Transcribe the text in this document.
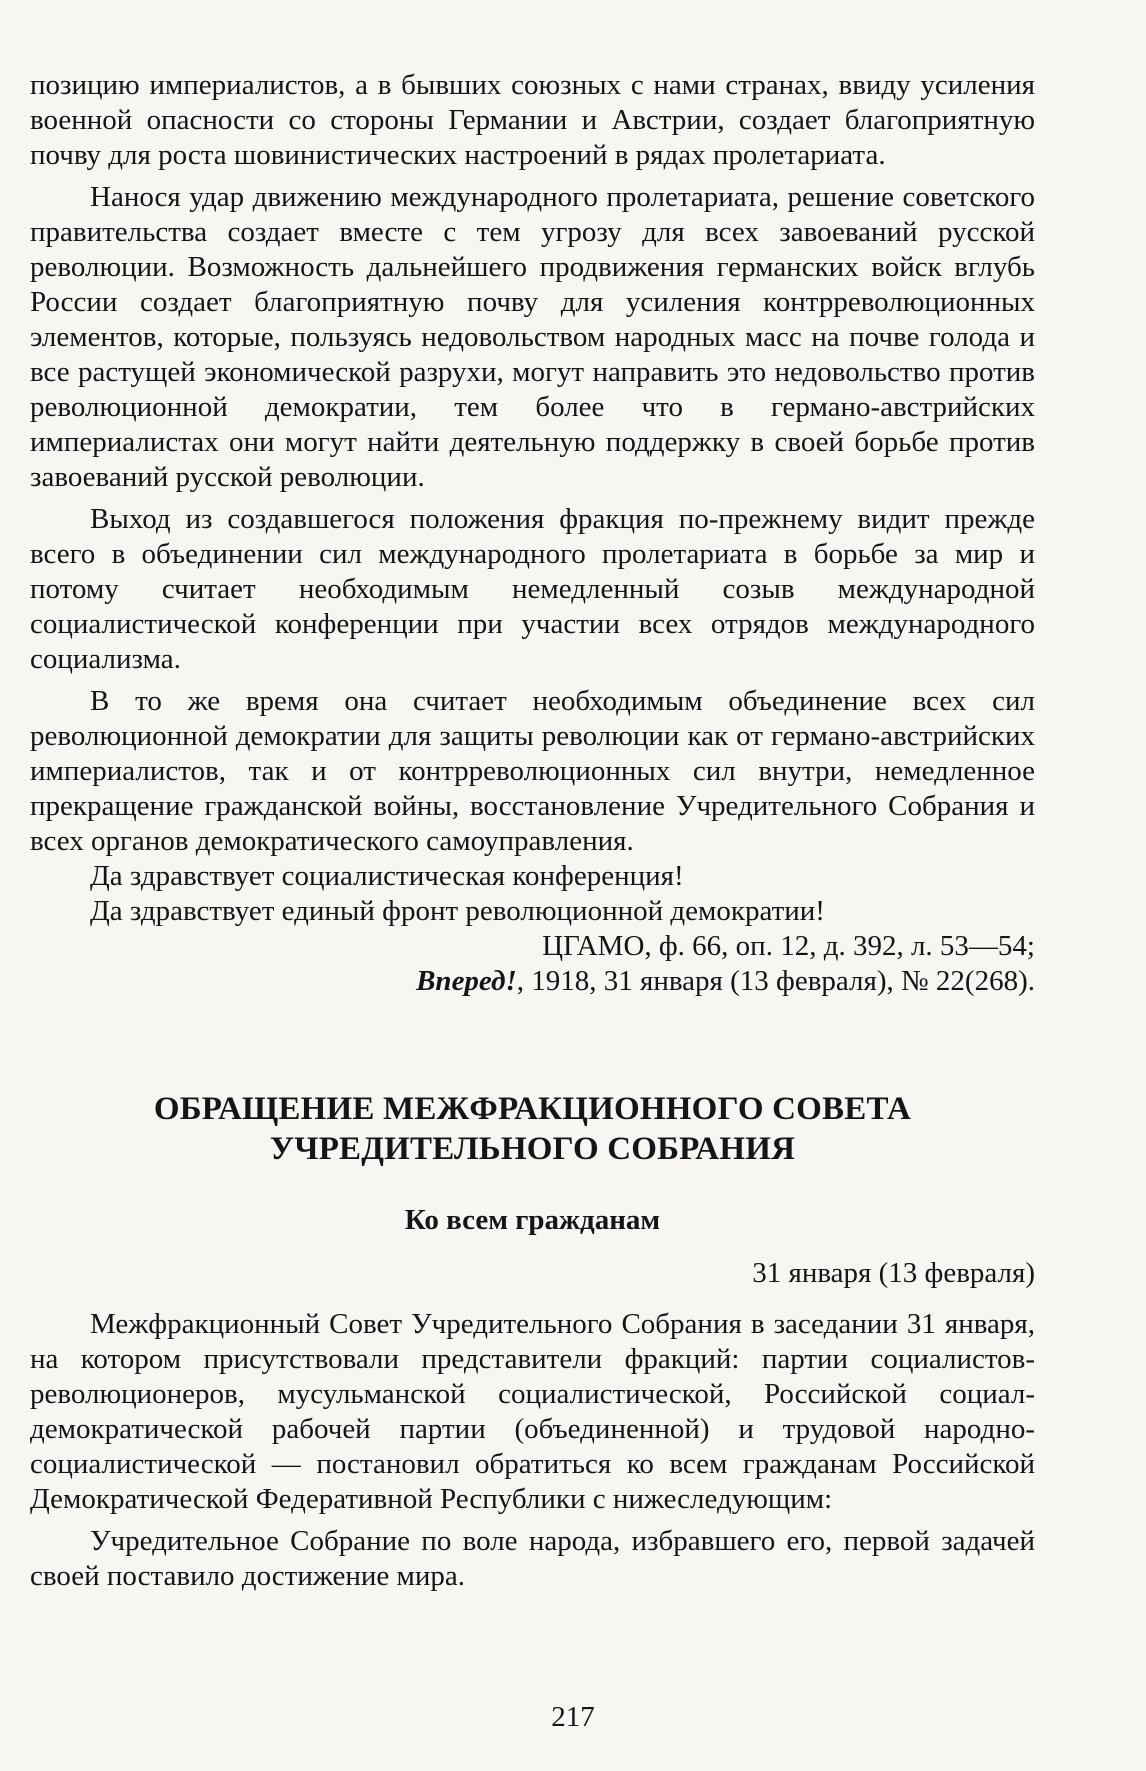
позицию империалистов, а в бывших союзных с нами странах, ввиду усиления военной опасности со стороны Германии и Австрии, создает благоприятную почву для роста шовинистических настроений в рядах пролетариата.

Нанося удар движению международного пролетариата, решение советского правительства создает вместе с тем угрозу для всех завоеваний русской революции. Возможность дальнейшего продвижения германских войск вглубь России создает благоприятную почву для усиления контрреволюционных элементов, которые, пользуясь недовольством народных масс на почве голода и все растущей экономической разрухи, могут направить это недовольство против революционной демократии, тем более что в германо-австрийских империалистах они могут найти деятельную поддержку в своей борьбе против завоеваний русской революции.

Выход из создавшегося положения фракция по-прежнему видит прежде всего в объединении сил международного пролетариата в борьбе за мир и потому считает необходимым немедленный созыв международной социалистической конференции при участии всех отрядов международного социализма.

В то же время она считает необходимым объединение всех сил революционной демократии для защиты революции как от германо-австрийских империалистов, так и от контрреволюционных сил внутри, немедленное прекращение гражданской войны, восстановление Учредительного Собрания и всех органов демократического самоуправления.

Да здравствует социалистическая конференция!

Да здравствует единый фронт революционной демократии!

ЦГАМО, ф. 66, оп. 12, д. 392, л. 53—54;
Вперед!, 1918, 31 января (13 февраля), № 22(268).
ОБРАЩЕНИЕ МЕЖФРАКЦИОННОГО СОВЕТА
УЧРЕДИТЕЛЬНОГО СОБРАНИЯ
Ко всем гражданам
31 января (13 февраля)

Межфракционный Совет Учредительного Собрания в заседании 31 января, на котором присутствовали представители фракций: партии социалистов-революционеров, мусульманской социалистической, Российской социал-демократической рабочей партии (объединенной) и трудовой народно-социалистической — постановил обратиться ко всем гражданам Российской Демократической Федеративной Республики с нижеследующим:

Учредительное Собрание по воле народа, избравшего его, первой задачей своей поставило достижение мира.

217
